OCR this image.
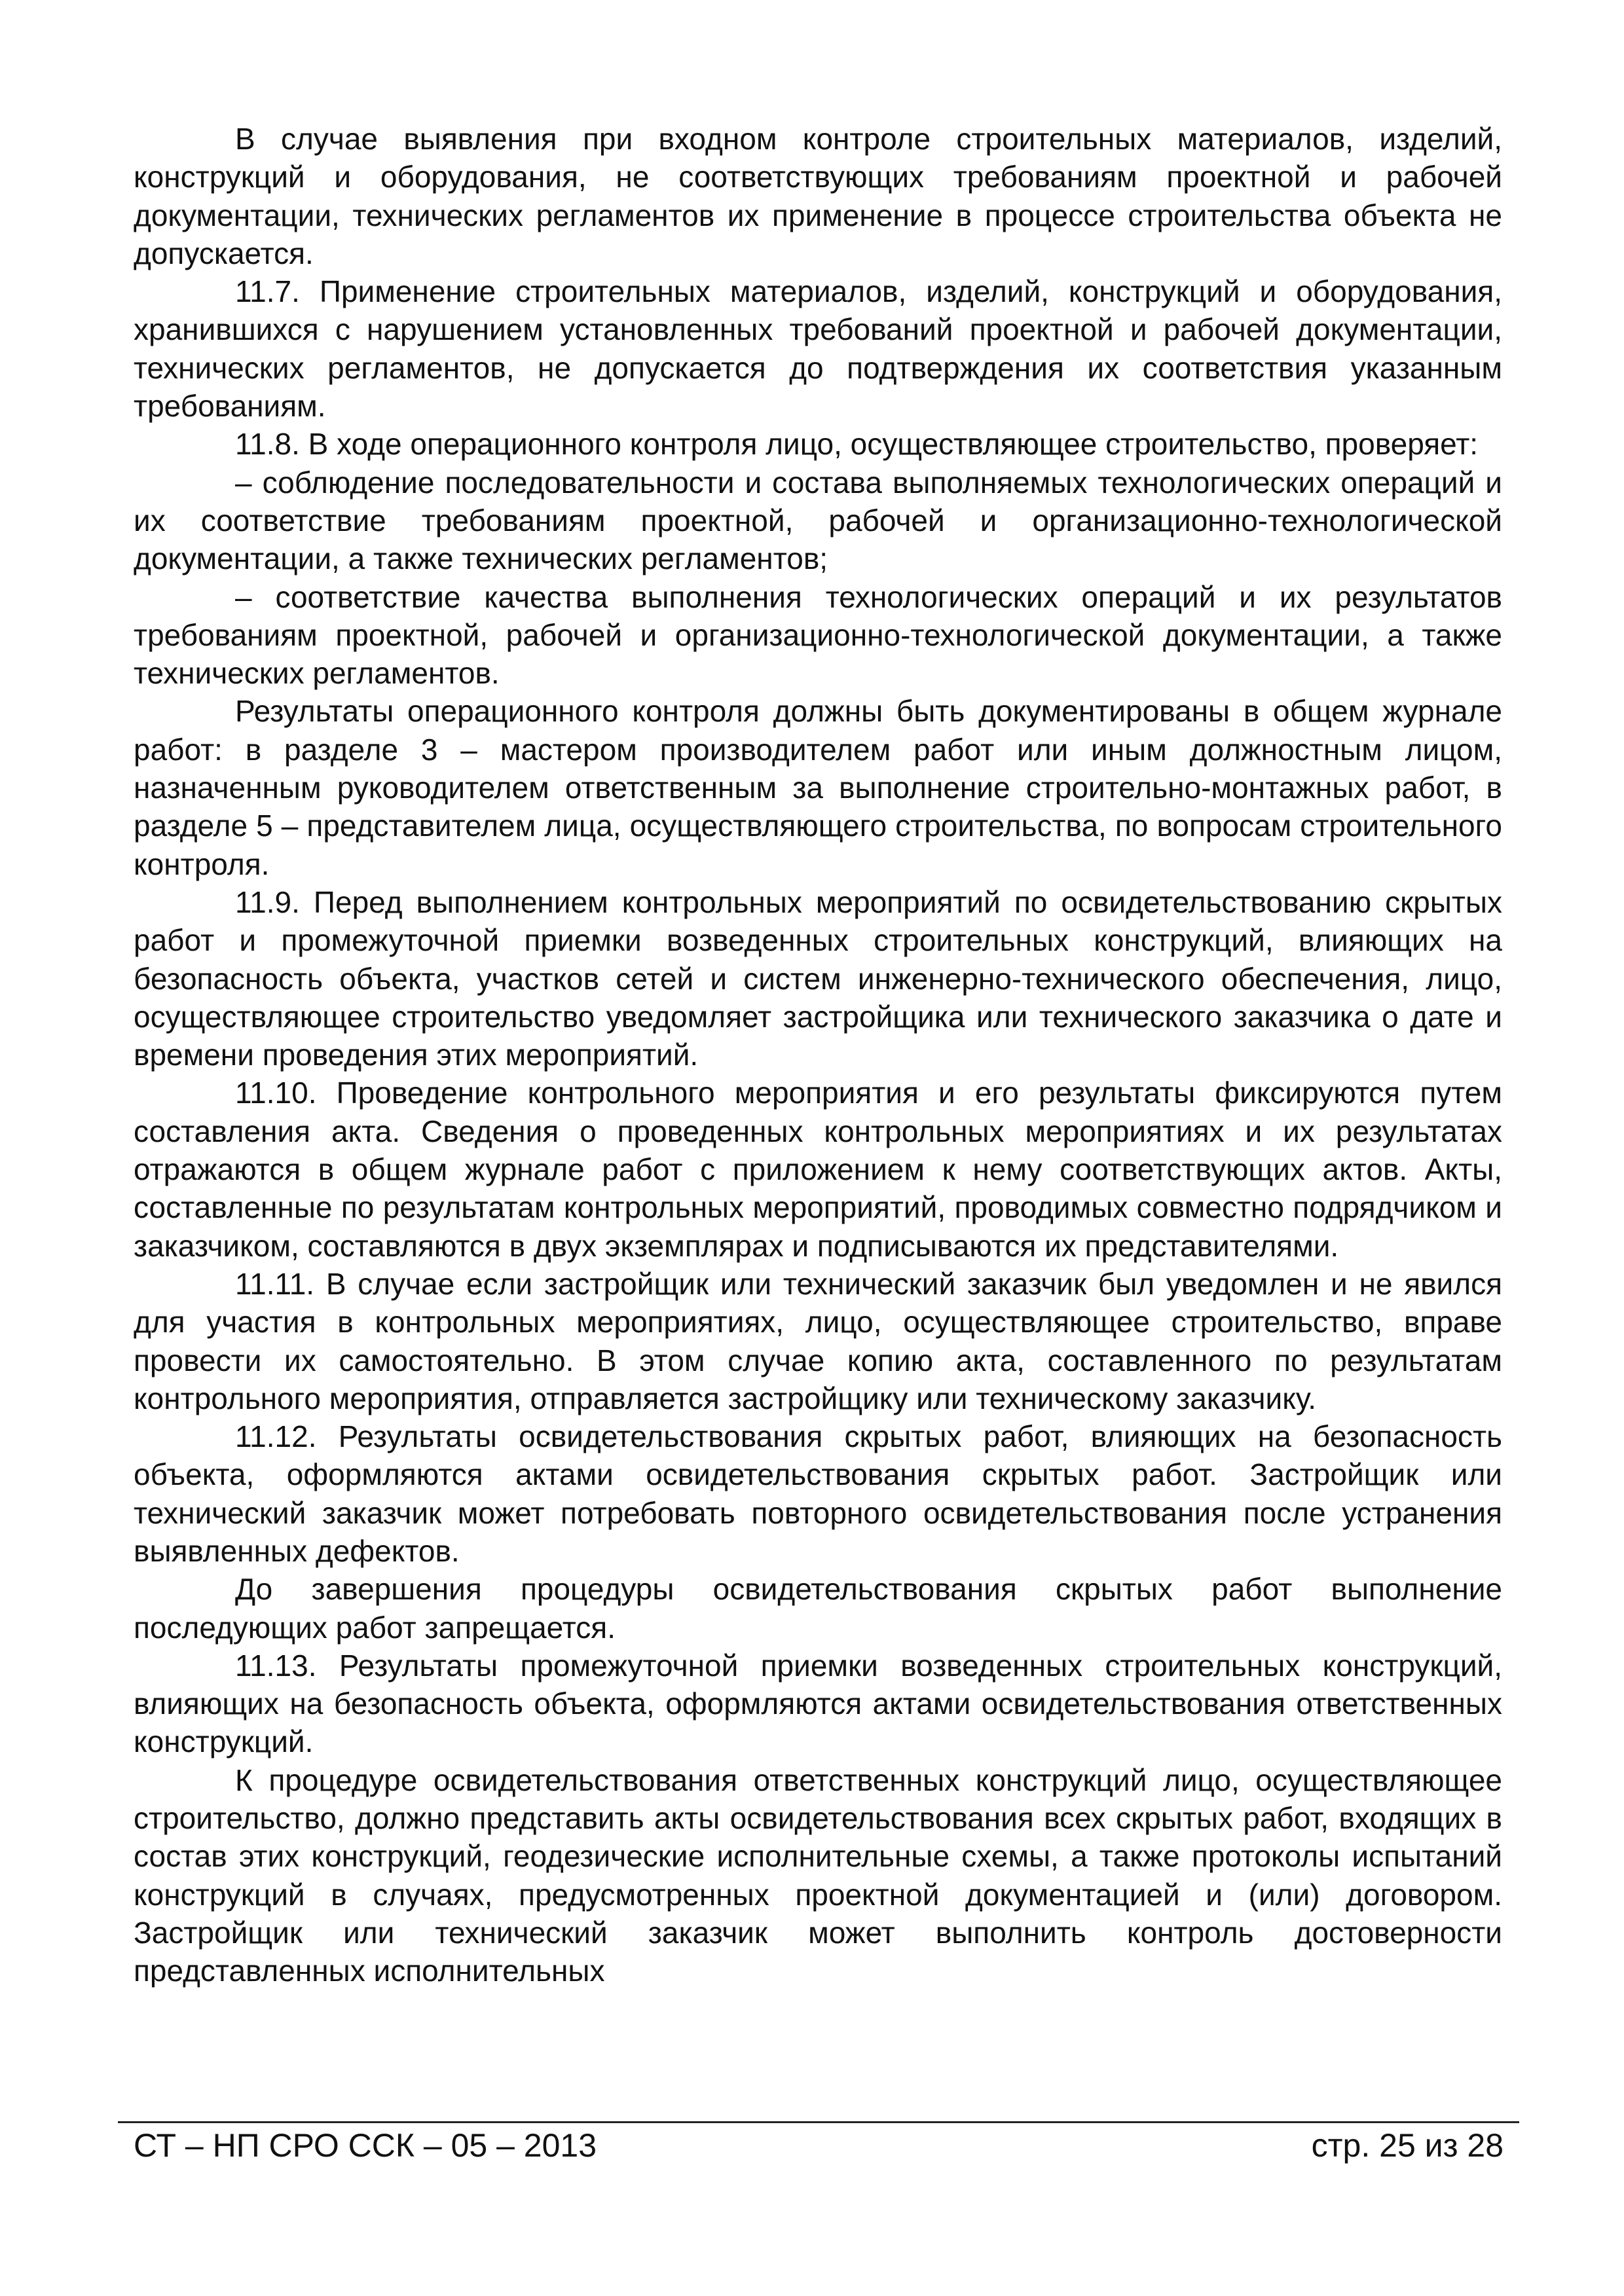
В случае выявления при входном контроле строительных материалов, изделий, конструкций и оборудования, не соответствующих требованиям проектной и рабочей документации, технических регламентов их применение в процессе строительства объекта не допускается.

11.7. Применение строительных материалов, изделий, конструкций и оборудования, хранившихся с нарушением установленных требований проектной и рабочей документации, технических регламентов, не допускается до подтверждения их соответствия указанным требованиям.

11.8. В ходе операционного контроля лицо, осуществляющее строительство, проверяет:

– соблюдение последовательности и состава выполняемых технологических операций и их соответствие требованиям проектной, рабочей и организационно-технологической документации, а также технических регламентов;

– соответствие качества выполнения технологических операций и их результатов требованиям проектной, рабочей и организационно-технологической документации, а также технических регламентов.

Результаты операционного контроля должны быть документированы в общем журнале работ: в разделе 3 – мастером производителем работ или иным должностным лицом, назначенным руководителем ответственным за выполнение строительно-монтажных работ, в разделе 5 – представителем лица, осуществляющего строительства, по вопросам строительного контроля.

11.9. Перед выполнением контрольных мероприятий по освидетельствованию скрытых работ и промежуточной приемки возведенных строительных конструкций, влияющих на безопасность объекта, участков сетей и систем инженерно-технического обеспечения, лицо, осуществляющее строительство уведомляет застройщика или технического заказчика о дате и времени проведения этих мероприятий.

11.10. Проведение контрольного мероприятия и его результаты фиксируются путем составления акта. Сведения о проведенных контрольных мероприятиях и их результатах отражаются в общем журнале работ с приложением к нему соответствующих актов. Акты, составленные по результатам контрольных мероприятий, проводимых совместно подрядчиком и заказчиком, составляются в двух экземплярах и подписываются их представителями.

11.11. В случае если застройщик или технический заказчик был уведомлен и не явился для участия в контрольных мероприятиях, лицо, осуществляющее строительство, вправе провести их самостоятельно. В этом случае копию акта, составленного по результатам контрольного мероприятия, отправляется застройщику или техническому заказчику.

11.12. Результаты освидетельствования скрытых работ, влияющих на безопасность объекта, оформляются актами освидетельствования скрытых работ. Застройщик или технический заказчик может потребовать повторного освидетельствования после устранения выявленных дефектов.

До завершения процедуры освидетельствования скрытых работ выполнение последующих работ запрещается.

11.13. Результаты промежуточной приемки возведенных строительных конструкций, влияющих на безопасность объекта, оформляются актами освидетельствования ответственных конструкций.

К процедуре освидетельствования ответственных конструкций лицо, осуществляющее строительство, должно представить акты освидетельствования всех скрытых работ, входящих в состав этих конструкций, геодезические исполнительные схемы, а также протоколы испытаний конструкций в случаях, предусмотренных проектной документацией и (или) договором. Застройщик или технический заказчик может выполнить контроль достоверности представленных исполнительных

СТ – НП СРО ССК – 05 – 2013	стр. 25 из 28
